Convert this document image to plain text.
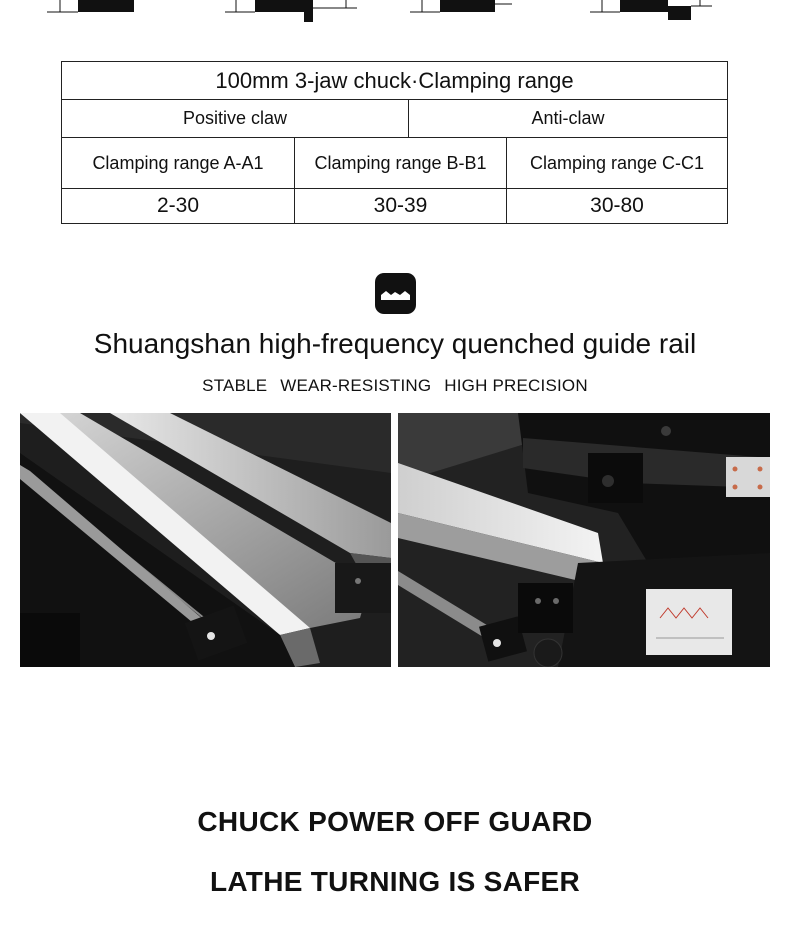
100mm 3-jaw chuck·Clamping range			
Positive claw		Anti-claw	
Clamping range A-A1	Clamping range B-B1		Clamping range C-C1
2-30	30-39		30-80
Shuangshan high-frequency quenched guide rail
STABLE WEAR-RESISTING HIGH PRECISION
CHUCK POWER OFF GUARD
LATHE TURNING IS SAFER
